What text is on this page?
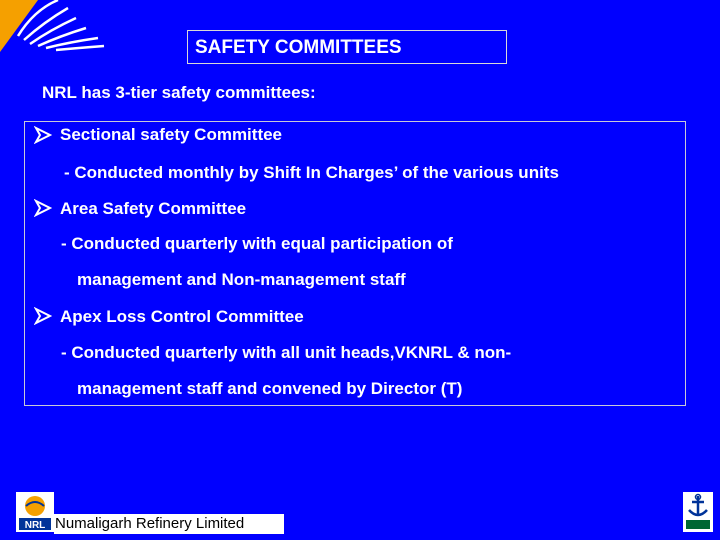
SAFETY COMMITTEES
NRL has 3-tier safety committees:
Sectional safety Committee
- Conducted monthly by Shift In Charges’ of the various units
Area Safety Committee
- Conducted quarterly with equal participation of
management and Non-management staff
Apex Loss Control Committee
- Conducted quarterly with all unit heads,VKNRL & non-
management staff and convened by Director (T)
NRL Numaligarh Refinery Limited
